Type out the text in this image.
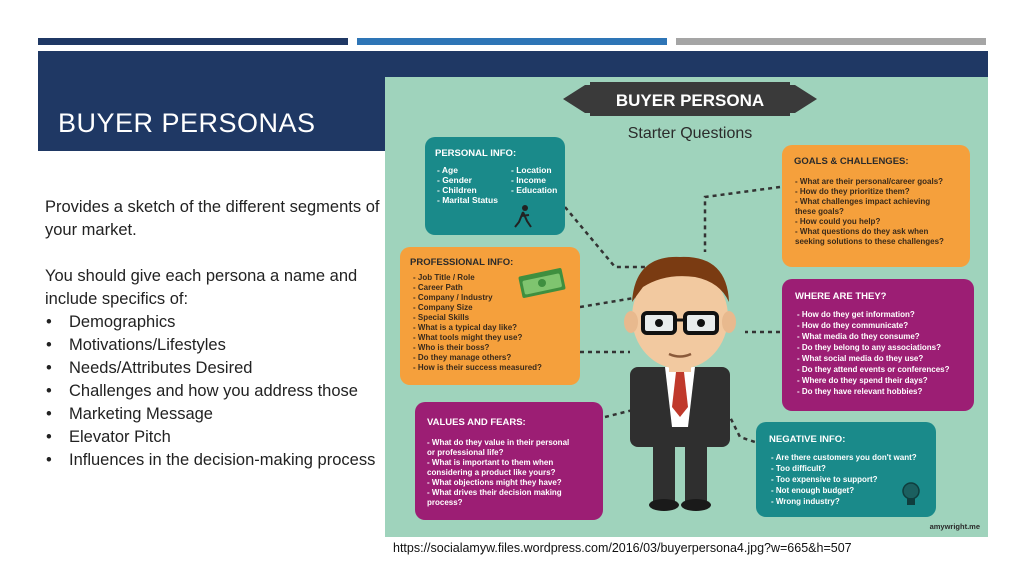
BUYER PERSONAS

Provides a sketch of the different segments of your market.

You should give each persona a name and include specifics of:

• Demographics
• Motivations/Lifestyles
• Needs/Attributes Desired
• Challenges and how you address those
• Marketing Message
• Elevator Pitch
• Influences in the decision-making process
BUYER PERSONA
Starter Questions
PERSONAL INFO:
- Age
- Gender
- Children
- Marital Status
- Location
- Income
- Education
PROFESSIONAL INFO:
- Job Title / Role
- Career Path
- Company / Industry
- Company Size
- Special Skills
- What is a typical day like?
- What tools might they use?
- Who is their boss?
- Do they manage others?
- How is their success measured?
VALUES AND FEARS:
- What do they value in their personal
or professional life?
- What is important to them when
considering a product like yours?
- What objections might they have?
- What drives their decision making
process?
GOALS & CHALLENGES:
- What are their personal/career goals?
- How do they prioritize them?
- What challenges impact achieving
these goals?
- How could you help?
- What questions do they ask when
seeking solutions to these challenges?
WHERE ARE THEY?
- How do they get information?
- How do they communicate?
- What media do they consume?
- Do they belong to any associations?
- What social media do they use?
- Do they attend events or conferences?
- Where do they spend their days?
- Do they have relevant hobbies?
NEGATIVE INFO:
- Are there customers you don't want?
- Too difficult?
- Too expensive to support?
- Not enough budget?
- Wrong industry?
amywright.me
https://socialamyw.files.wordpress.com/2016/03/buyerpersona4.jpg?w=665&h=507
